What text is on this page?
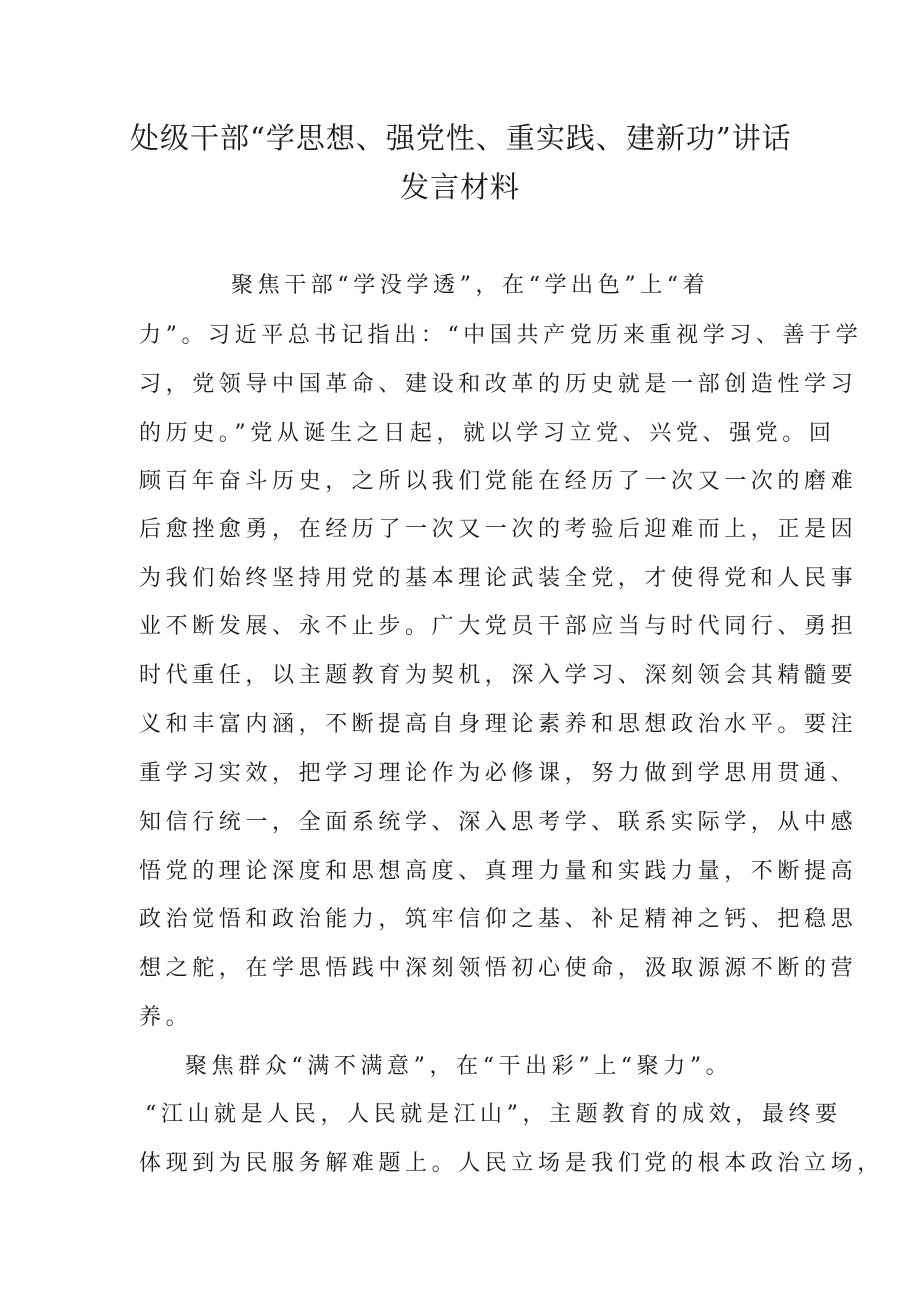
处级干部“学思想、强党性、重实践、建新功”讲话
发言材料
聚焦干部“学没学透”，在“学出色”上“着
力”。习近平总书记指出：“中国共产党历来重视学习、善于学
习，党领导中国革命、建设和改革的历史就是一部创造性学习
的历史。”党从诞生之日起，就以学习立党、兴党、强党。回
顾百年奋斗历史，之所以我们党能在经历了一次又一次的磨难
后愈挫愈勇，在经历了一次又一次的考验后迎难而上，正是因
为我们始终坚持用党的基本理论武装全党，才使得党和人民事
业不断发展、永不止步。广大党员干部应当与时代同行、勇担
时代重任，以主题教育为契机，深入学习、深刻领会其精髓要
义和丰富内涵，不断提高自身理论素养和思想政治水平。要注
重学习实效，把学习理论作为必修课，努力做到学思用贯通、
知信行统一，全面系统学、深入思考学、联系实际学，从中感
悟党的理论深度和思想高度、真理力量和实践力量，不断提高
政治觉悟和政治能力，筑牢信仰之基、补足精神之钙、把稳思
想之舵，在学思悟践中深刻领悟初心使命，汲取源源不断的营
养。
聚焦群众“满不满意”，在“干出彩”上“聚力”。
“江山就是人民，人民就是江山”，主题教育的成效，最终要
体现到为民服务解难题上。人民立场是我们党的根本政治立场，
